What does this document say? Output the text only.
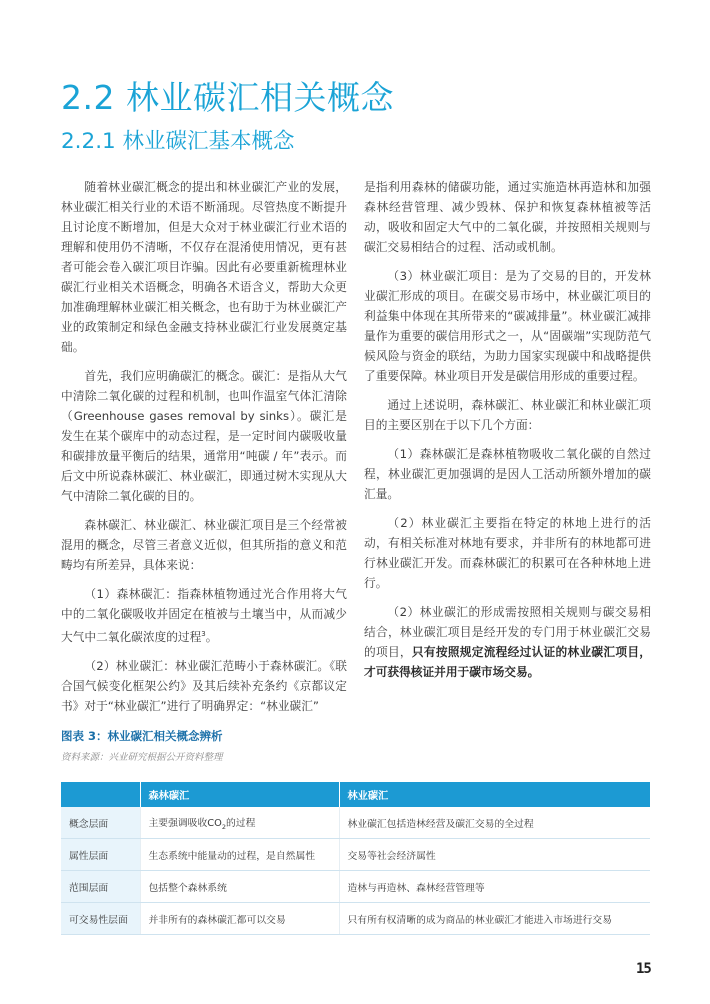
2.2 林业碳汇相关概念
2.2.1 林业碳汇基本概念

随着林业碳汇概念的提出和林业碳汇产业的发展，林业碳汇相关行业的术语不断涌现。尽管热度不断提升且讨论度不断增加，但是大众对于林业碳汇行业术语的理解和使用仍不清晰，不仅存在混淆使用情况，更有甚者可能会卷入碳汇项目诈骗。因此有必要重新梳理林业碳汇行业相关术语概念，明确各术语含义，帮助大众更加准确理解林业碳汇相关概念，也有助于为林业碳汇产业的政策制定和绿色金融支持林业碳汇行业发展奠定基础。

首先，我们应明确碳汇的概念。碳汇：是指从大气中清除二氧化碳的过程和机制，也叫作温室气体汇清除（Greenhouse gases removal by sinks）。碳汇是发生在某个碳库中的动态过程，是一定时间内碳吸收量和碳排放量平衡后的结果，通常用“吨碳 / 年”表示。而后文中所说森林碳汇、林业碳汇，即通过树木实现从大气中清除二氧化碳的目的。

森林碳汇、林业碳汇、林业碳汇项目是三个经常被混用的概念，尽管三者意义近似，但其所指的意义和范畴均有所差异，具体来说：

（1）森林碳汇：指森林植物通过光合作用将大气中的二氧化碳吸收并固定在植被与土壤当中，从而减少大气中二氧化碳浓度的过程$^3$。

（2）林业碳汇：林业碳汇范畴小于森林碳汇。《联合国气候变化框架公约》及其后续补充条约《京都议定书》对于“林业碳汇”进行了明确界定：“林业碳汇”

是指利用森林的储碳功能，通过实施造林再造林和加强森林经营管理、减少毁林、保护和恢复森林植被等活动，吸收和固定大气中的二氧化碳，并按照相关规则与碳汇交易相结合的过程、活动或机制。

（3）林业碳汇项目：是为了交易的目的，开发林业碳汇形成的项目。在碳交易市场中，林业碳汇项目的利益集中体现在其所带来的“碳减排量”。林业碳汇减排量作为重要的碳信用形式之一，从“固碳端”实现防范气候风险与资金的联结，为助力国家实现碳中和战略提供了重要保障。林业项目开发是碳信用形成的重要过程。

通过上述说明，森林碳汇、林业碳汇和林业碳汇项目的主要区别在于以下几个方面：

（1）森林碳汇是森林植物吸收二氧化碳的自然过程，林业碳汇更加强调的是因人工活动所额外增加的碳汇量。

（2）林业碳汇主要指在特定的林地上进行的活动，有相关标准对林地有要求，并非所有的林地都可进行林业碳汇开发。而森林碳汇的积累可在各种林地上进行。

（2）林业碳汇的形成需按照相关规则与碳交易相结合，林业碳汇项目是经开发的专门用于林业碳汇交易的项目，只有按照规定流程经过认证的林业碳汇项目，才可获得核证并用于碳市场交易。

图表 3：林业碳汇相关概念辨析
资料来源：兴业研究根据公开资料整理
	森林碳汇	林业碳汇
概念层面	主要强调吸收$CO_2$的过程	林业碳汇包括造林经营及碳汇交易的全过程
属性层面	生态系统中能量动的过程，是自然属性	交易等社会经济属性
范围层面	包括整个森林系统	造林与再造林、森林经营管理等
可交易性层面	并非所有的森林碳汇都可以交易	只有所有权清晰的成为商品的林业碳汇才能进入市场进行交易
15
